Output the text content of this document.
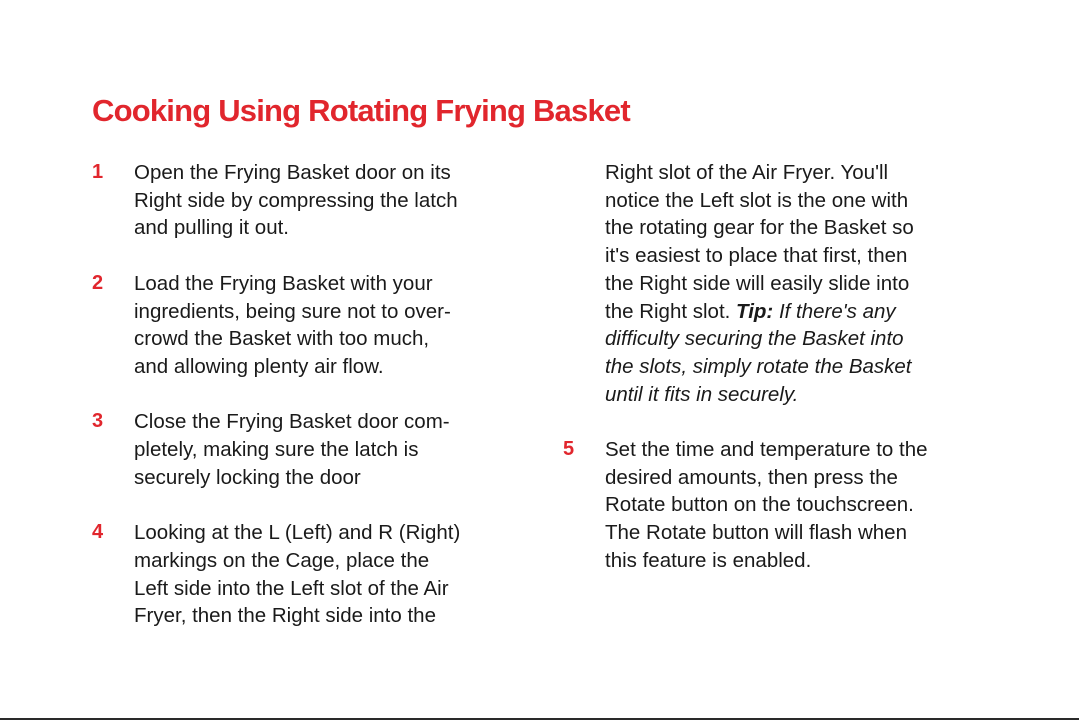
Cooking Using Rotating Frying Basket
1 Open the Frying Basket door on its
Right side by compressing the latch
and pulling it out.
2 Load the Frying Basket with your
ingredients, being sure not to over-
crowd the Basket with too much,
and allowing plenty air flow.
3 Close the Frying Basket door com-
pletely, making sure the latch is
securely locking the door
4 Looking at the L (Left) and R (Right)
markings on the Cage, place the
Left side into the Left slot of the Air
Fryer, then the Right side into the
Right slot of the Air Fryer. You'll
notice the Left slot is the one with
the rotating gear for the Basket so
it's easiest to place that first, then
the Right side will easily slide into
the Right slot. Tip: If there's any
difficulty securing the Basket into
the slots, simply rotate the Basket
until it fits in securely.
5 Set the time and temperature to the
desired amounts, then press the
Rotate button on the touchscreen.
The Rotate button will flash when
this feature is enabled.
